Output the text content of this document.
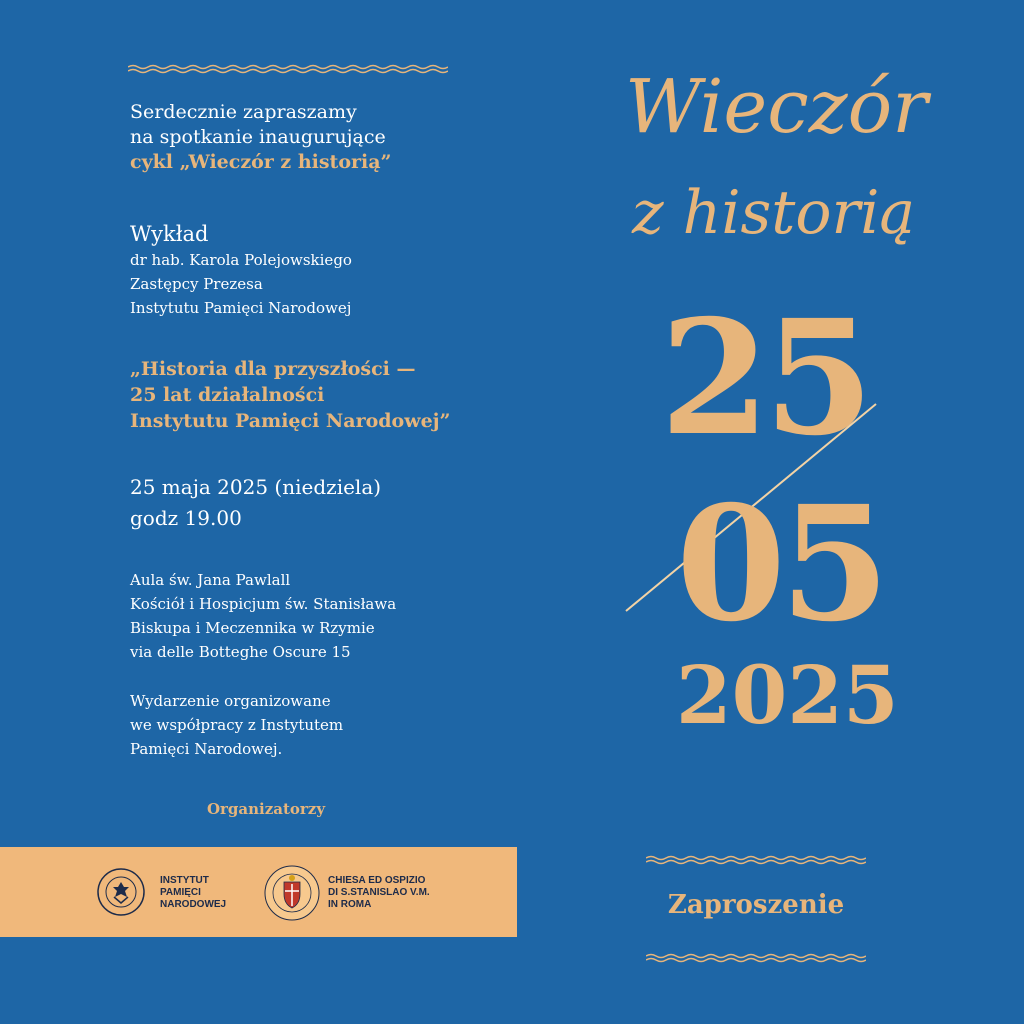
Serdecznie zapraszamy
na spotkanie inaugurujące
cykl „Wieczór z historią”
Wykład
dr hab. Karola Polejowskiego
Zastępcy Prezesa
Instytutu Pamięci Narodowej
„Historia dla przyszłości —
25 lat działalności
Instytutu Pamięci Narodowej”
25 maja 2025 (niedziela)
godz 19.00
Aula św. Jana Pawlall
Kościół i Hospicjum św. Stanisława
Biskupa i Meczennika w Rzymie
via delle Botteghe Oscure 15
Wydarzenie organizowane
we współpracy z Instytutem
Pamięci Narodowej.
Organizatorzy
INSTYTUT
PAMIĘCI
NARODOWEJ
CHIESA ED OSPIZIO
DI S.STANISLAO V.M.
IN ROMA
Wieczór
z historią
25
05
2025
Zaproszenie
